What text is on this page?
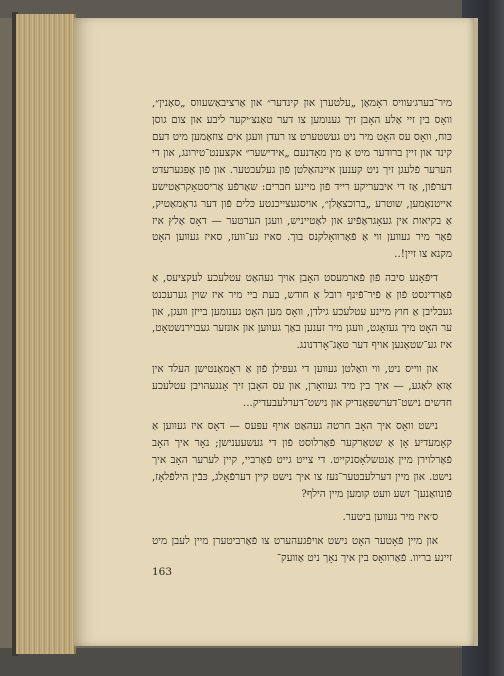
מיר־בערג׳עוויס ראָמאַן „עלטערן און קינדער״ און אַרציבאַשעווס „סאַנין״, וואָס בין זיי אַלע האָבן זיך גענומען צו דער טאַנצ׳יקער ליבע און צום גוסן כּוח, וואָס עס האָט מיר ניט געשטערט צו רעדן וועגן אים צוזאַמען מיט דעם קינד און זיין ברודער מיט אַ מין מאָדנעם „אידישער״ אקצענט־טירונג, און די הערער פֿלעגן זיך ניט קענען איינהאַלטן פֿון געלעכטער. און פֿון אָפּגערעדט דערפֿון, אַז די איבעריקע רייד פֿון מיינע חברים: שאַרפֿע אַריסטאָקראַטישע אייטנאַמען, שוטרע „ברוכצאַלן״, אויסגעצייכנטע כּלים פֿון דער גראַמאַטיק, אַ בקיאות אין געאָגראַפֿיע און לאַטייניש, וועגן הערטער — דאָס אַלץ איז פֿאַר מיר געווען ווי אַ פֿאַרוואָלקנס בוך. סאיז גע־וועז, סאיז געווען האָט מקנא צו זיין!..

דיפֿאָנע סיבה פֿון פֿארמעסט האָבן אויך געהאַט עטלעכע לעקציעס, אַ פֿאַרדינסט פֿון אַ פֿיר־פֿינף רובל אַ חודש, בעת ביי מיר איז שוין גערעכנט געבליבן אַ חוץ מיינע עטלעכע גילדן, וואָס מען האָט גענומען בייזן וועגן, און ער האָט מיך געזאָגט, וועגן מיר זענען באַך געווען און אונזער געבוירנשטאָט, איז גע־שטאַנען אויף דער טאַג־אָרדנונג.

און ווייס ניט, ווי וואַלטן געווען די געפילן פֿון אַ ראָמאַנטישן העלד אין אַזאַ לאַגע, — איך בין מיד געוואָרן, און עס האָבן זיך אָנגעהויבן עטלעכע חדשים נישט־דערשפּאַנדיק און נישט־דערלעבעדיק...

נישט וואָס איך האָב חרטה געהאַט אויף עפּעס — דאָס איז געווען אַ קאָמעדיע אָן אַ שטאַרקער פֿאַרלוסט פֿון די געשעענישן; נאָר איך האָב פֿאַרלוירן מיין אַנטשלאָסנקייט. די צייט גייט פֿאַרביי, קיין לערער האָב איך נישט. און מיין דערלעבטער־נעז צו איך נישט קיין דערפֿאָלג, כּבֿין הילפֿלאָז, פֿונוואַנען־ זשע וועט קומען מיין הילף?

ס׳איז מיר געווען ביטער.

און מיין פֿאָטער האָט נישט אויפֿגעהערט צו פֿאַרביטערן מיין לעבן מיט זיינע בריוו. פֿאַרוואָס בין איך נאָך ניט אַוועק־

163
